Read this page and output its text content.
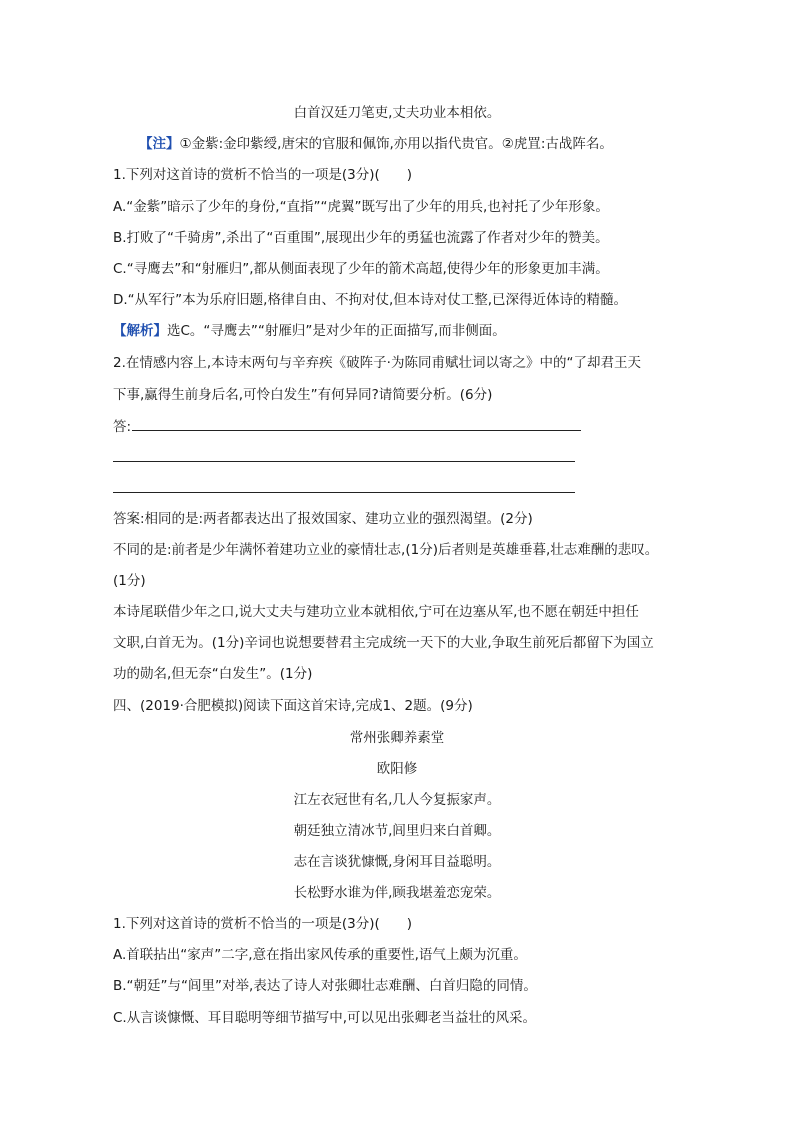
白首汉廷刀笔吏,丈夫功业本相依。
【注】①金紫:金印紫绶,唐宋的官服和佩饰,亦用以指代贵官。②虎罝:古战阵名。
1.下列对这首诗的赏析不恰当的一项是(3分)(　　)
A.“金紫”暗示了少年的身份,“直指”“虎翼”既写出了少年的用兵,也衬托了少年形象。
B.打败了“千骑虏”,杀出了“百重围”,展现出少年的勇猛也流露了作者对少年的赞美。
C.“寻鹰去”和“射雁归”,都从侧面表现了少年的箭术高超,使得少年的形象更加丰满。
D.“从军行”本为乐府旧题,格律自由、不拘对仗,但本诗对仗工整,已深得近体诗的精髓。
【解析】选C。“寻鹰去”“射雁归”是对少年的正面描写,而非侧面。
2.在情感内容上,本诗末两句与辛弃疾《破阵子·为陈同甫赋壮词以寄之》中的“了却君王天
下事,赢得生前身后名,可怜白发生”有何异同?请简要分析。(6分)
答:
答案:相同的是:两者都表达出了报效国家、建功立业的强烈渴望。(2分)
不同的是:前者是少年满怀着建功立业的豪情壮志,(1分)后者则是英雄垂暮,壮志难酬的悲叹。
(1分)
本诗尾联借少年之口,说大丈夫与建功立业本就相依,宁可在边塞从军,也不愿在朝廷中担任
文职,白首无为。(1分)辛词也说想要替君主完成统一天下的大业,争取生前死后都留下为国立
功的勋名,但无奈“白发生”。(1分)
四、(2019·合肥模拟)阅读下面这首宋诗,完成1、2题。(9分)
常州张卿养素堂
欧阳修
江左衣冠世有名,几人今复振家声。
朝廷独立清冰节,闾里归来白首卿。
志在言谈犹慷慨,身闲耳目益聪明。
长松野水谁为伴,顾我堪羞恋宠荣。
1.下列对这首诗的赏析不恰当的一项是(3分)(　　)
A.首联拈出“家声”二字,意在指出家风传承的重要性,语气上颇为沉重。
B.“朝廷”与“闾里”对举,表达了诗人对张卿壮志难酬、白首归隐的同情。
C.从言谈慷慨、耳目聪明等细节描写中,可以见出张卿老当益壮的风采。
